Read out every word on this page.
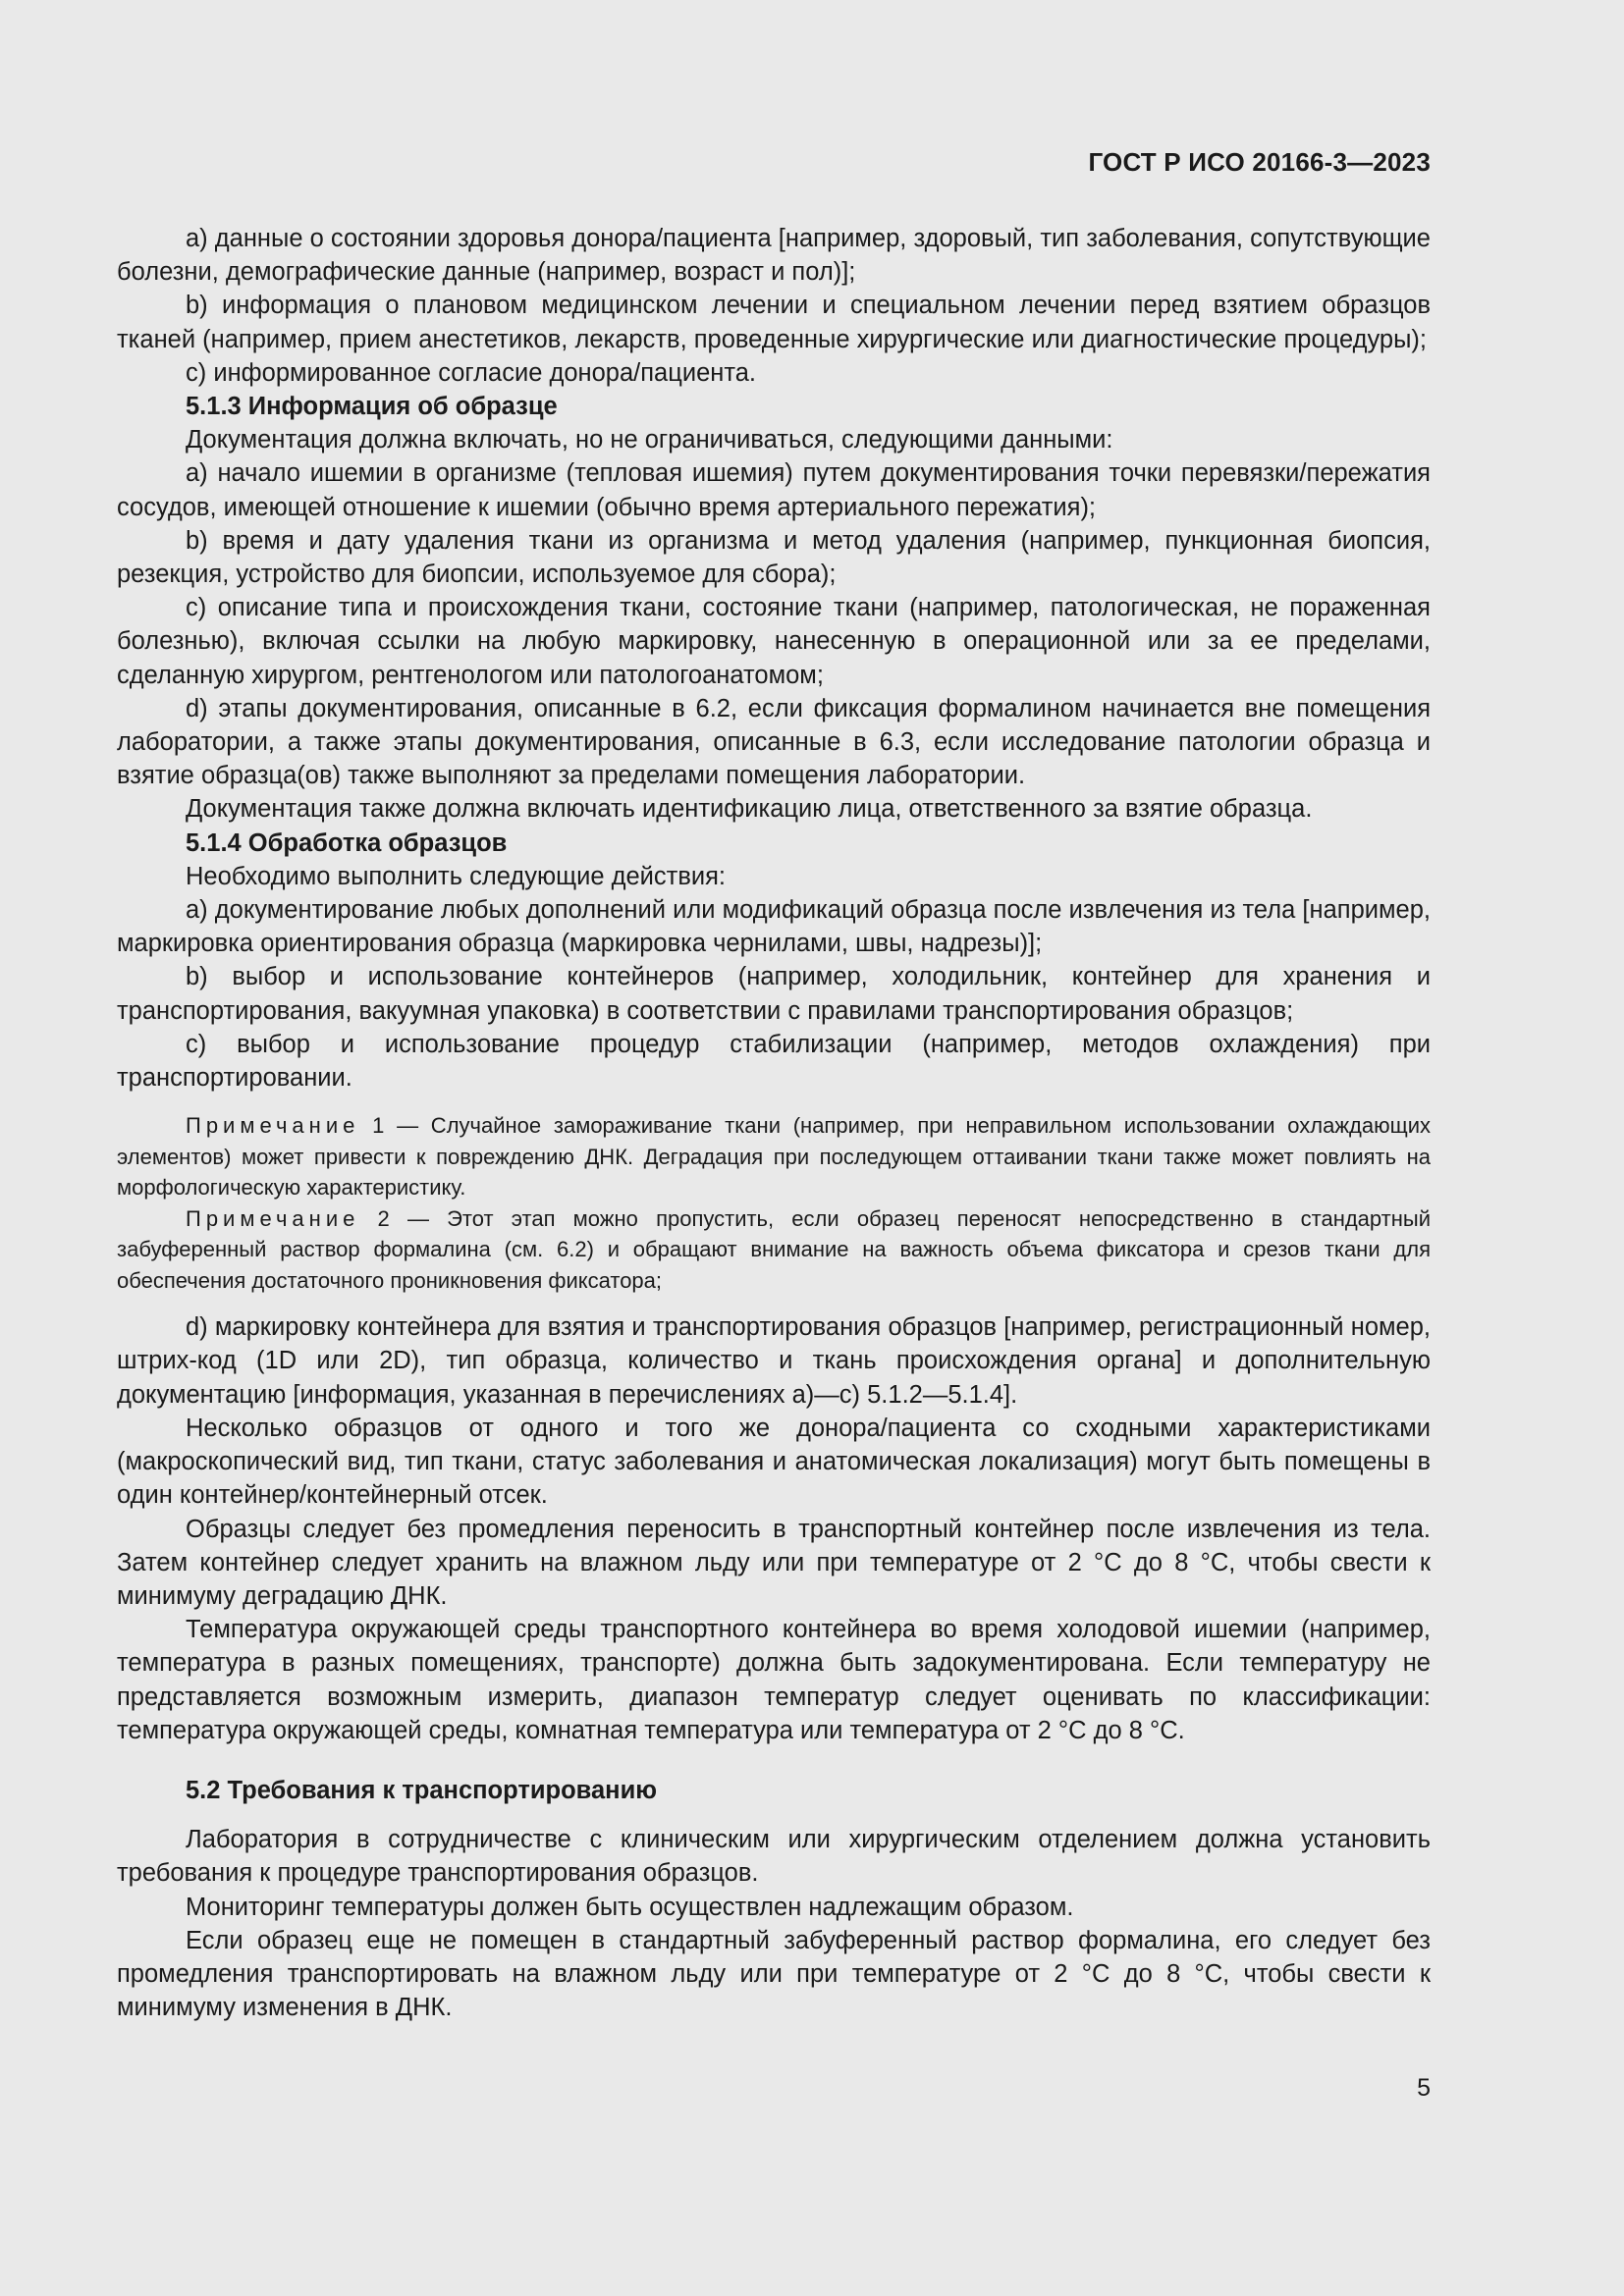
ГОСТ Р ИСО 20166-3—2023

а) данные о состоянии здоровья донора/пациента [например, здоровый, тип заболевания, сопутствующие болезни, демографические данные (например, возраст и пол)];

b) информация о плановом медицинском лечении и специальном лечении перед взятием образцов тканей (например, прием анестетиков, лекарств, проведенные хирургические или диагностические процедуры);

c) информированное согласие донора/пациента.

5.1.3 Информация об образце

Документация должна включать, но не ограничиваться, следующими данными:

а) начало ишемии в организме (тепловая ишемия) путем документирования точки перевязки/пережатия сосудов, имеющей отношение к ишемии (обычно время артериального пережатия);

b) время и дату удаления ткани из организма и метод удаления (например, пункционная биопсия, резекция, устройство для биопсии, используемое для сбора);

c) описание типа и происхождения ткани, состояние ткани (например, патологическая, не пораженная болезнью), включая ссылки на любую маркировку, нанесенную в операционной или за ее пределами, сделанную хирургом, рентгенологом или патологоанатомом;

d) этапы документирования, описанные в 6.2, если фиксация формалином начинается вне помещения лаборатории, а также этапы документирования, описанные в 6.3, если исследование патологии образца и взятие образца(ов) также выполняют за пределами помещения лаборатории.

Документация также должна включать идентификацию лица, ответственного за взятие образца.

5.1.4 Обработка образцов

Необходимо выполнить следующие действия:

а) документирование любых дополнений или модификаций образца после извлечения из тела [например, маркировка ориентирования образца (маркировка чернилами, швы, надрезы)];

b) выбор и использование контейнеров (например, холодильник, контейнер для хранения и транспортирования, вакуумная упаковка) в соответствии с правилами транспортирования образцов;

c) выбор и использование процедур стабилизации (например, методов охлаждения) при транспортировании.

Примечание 1 — Случайное замораживание ткани (например, при неправильном использовании охлаждающих элементов) может привести к повреждению ДНК. Деградация при последующем оттаивании ткани также может повлиять на морфологическую характеристику.

Примечание 2 — Этот этап можно пропустить, если образец переносят непосредственно в стандартный забуференный раствор формалина (см. 6.2) и обращают внимание на важность объема фиксатора и срезов ткани для обеспечения достаточного проникновения фиксатора;

d) маркировку контейнера для взятия и транспортирования образцов [например, регистрационный номер, штрих-код (1D или 2D), тип образца, количество и ткань происхождения органа] и дополнительную документацию [информация, указанная в перечислениях а)—с) 5.1.2—5.1.4].

Несколько образцов от одного и того же донора/пациента со сходными характеристиками (макроскопический вид, тип ткани, статус заболевания и анатомическая локализация) могут быть помещены в один контейнер/контейнерный отсек.

Образцы следует без промедления переносить в транспортный контейнер после извлечения из тела. Затем контейнер следует хранить на влажном льду или при температуре от 2 °С до 8 °С, чтобы свести к минимуму деградацию ДНК.

Температура окружающей среды транспортного контейнера во время холодовой ишемии (например, температура в разных помещениях, транспорте) должна быть задокументирована. Если температуру не представляется возможным измерить, диапазон температур следует оценивать по классификации: температура окружающей среды, комнатная температура или температура от 2 °С до 8 °С.

5.2 Требования к транспортированию

Лаборатория в сотрудничестве с клиническим или хирургическим отделением должна установить требования к процедуре транспортирования образцов.

Мониторинг температуры должен быть осуществлен надлежащим образом.

Если образец еще не помещен в стандартный забуференный раствор формалина, его следует без промедления транспортировать на влажном льду или при температуре от 2 °С до 8 °С, чтобы свести к минимуму изменения в ДНК.

5
